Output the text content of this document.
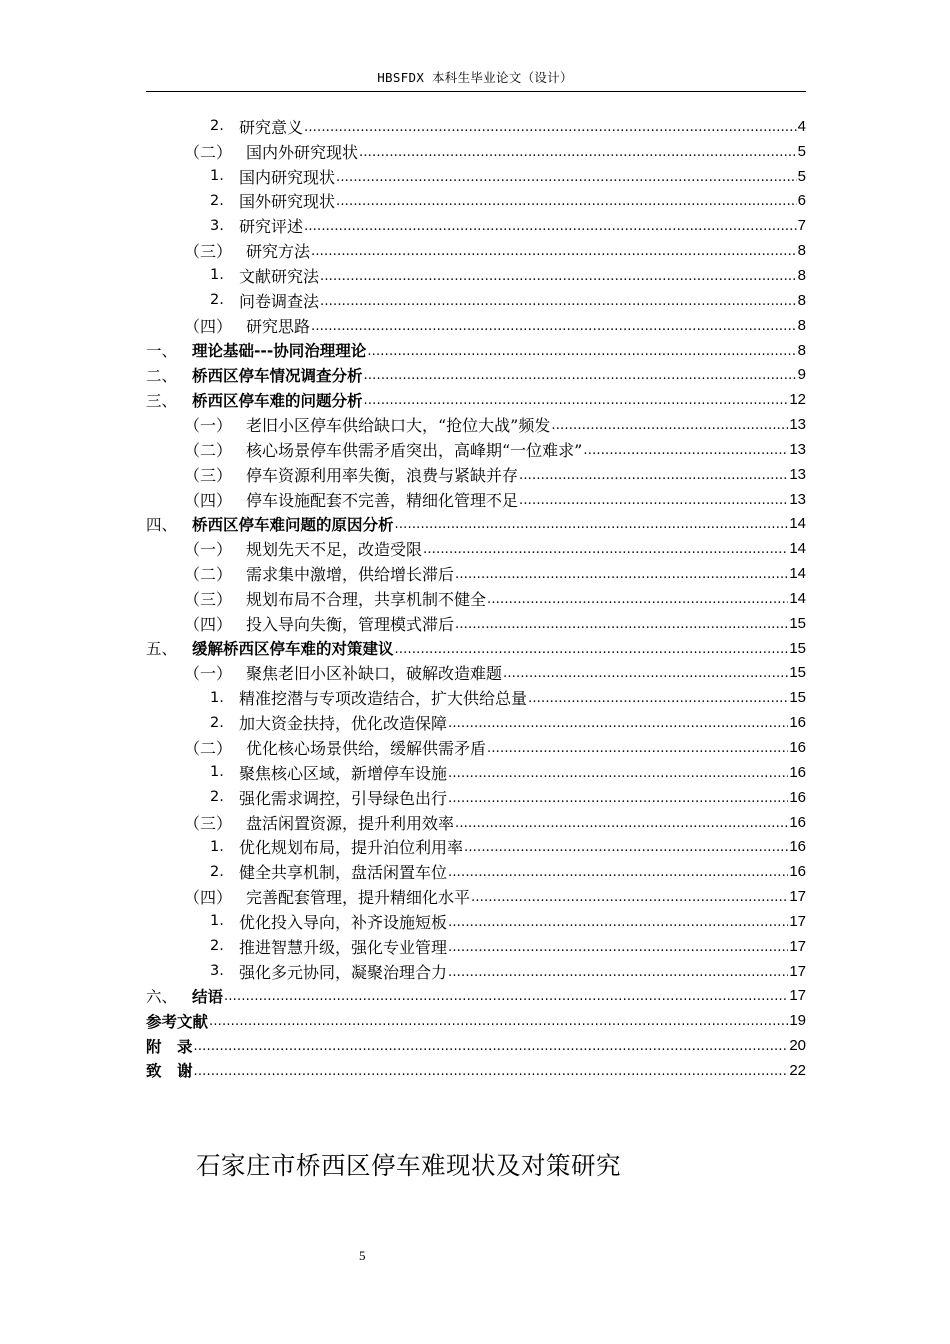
HBSFDX 本科生毕业论文（设计）
2. 研究意义 .....	4
（二） 国内外研究现状 .....	5
1. 国内研究现状 .....	5
2. 国外研究现状 .....	6
3. 研究评述 .....	7
（三） 研究方法 .....	8
1. 文献研究法 .....	8
2. 问卷调查法 .....	8
（四） 研究思路 .....	8
一、 理论基础---协同治理理论 .....	8
二、 桥西区停车情况调查分析 .....	9
三、 桥西区停车难的问题分析 .....	12
（一） 老旧小区停车供给缺口大，“抢位大战”频发 .....	13
（二） 核心场景停车供需矛盾突出，高峰期“一位难求” .....	13
（三） 停车资源利用率失衡，浪费与紧缺并存 .....	13
（四） 停车设施配套不完善，精细化管理不足 .....	13
四、 桥西区停车难问题的原因分析 .....	14
（一） 规划先天不足，改造受限 .....	14
（二） 需求集中激增，供给增长滞后 .....	14
（三） 规划布局不合理，共享机制不健全 .....	14
（四） 投入导向失衡，管理模式滞后 .....	15
五、 缓解桥西区停车难的对策建议 .....	15
（一） 聚焦老旧小区补缺口，破解改造难题 .....	15
1. 精准挖潜与专项改造结合，扩大供给总量 .....	15
2. 加大资金扶持，优化改造保障 .....	16
（二） 优化核心场景供给，缓解供需矛盾 .....	16
1. 聚焦核心区域，新增停车设施 .....	16
2. 强化需求调控，引导绿色出行 .....	16
（三） 盘活闲置资源，提升利用效率 .....	16
1. 优化规划布局，提升泊位利用率 .....	16
2. 健全共享机制，盘活闲置车位 .....	16
（四） 完善配套管理，提升精细化水平 .....	17
1. 优化投入导向，补齐设施短板 .....	17
2. 推进智慧升级，强化专业管理 .....	17
3. 强化多元协同，凝聚治理合力 .....	17
六、 结语 .....	17
参考文献 .....	19
附　录 .....	20
致　谢 .....	22
石家庄市桥西区停车难现状及对策研究
5
